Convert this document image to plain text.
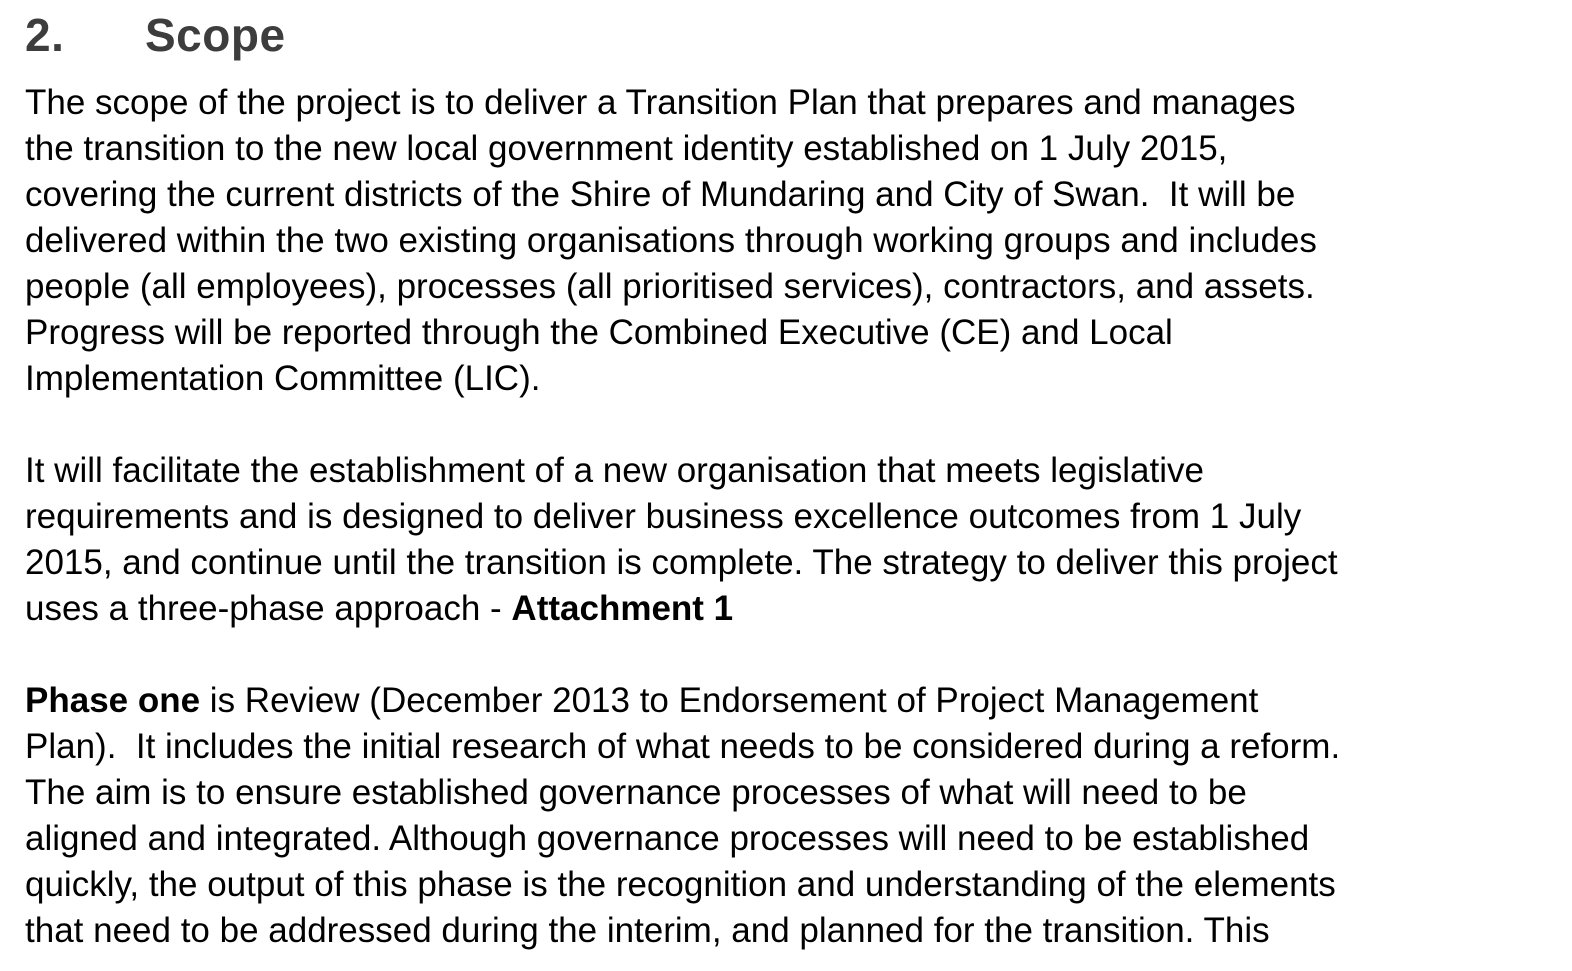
2. Scope

The scope of the project is to deliver a Transition Plan that prepares and manages
the transition to the new local government identity established on 1 July 2015,
covering the current districts of the Shire of Mundaring and City of Swan.  It will be
delivered within the two existing organisations through working groups and includes
people (all employees), processes (all prioritised services), contractors, and assets.
Progress will be reported through the Combined Executive (CE) and Local
Implementation Committee (LIC).

It will facilitate the establishment of a new organisation that meets legislative
requirements and is designed to deliver business excellence outcomes from 1 July
2015, and continue until the transition is complete. The strategy to deliver this project
uses a three-phase approach - Attachment 1

Phase one is Review (December 2013 to Endorsement of Project Management
Plan).  It includes the initial research of what needs to be considered during a reform.
The aim is to ensure established governance processes of what will need to be
aligned and integrated. Although governance processes will need to be established
quickly, the output of this phase is the recognition and understanding of the elements
that need to be addressed during the interim, and planned for the transition. This
